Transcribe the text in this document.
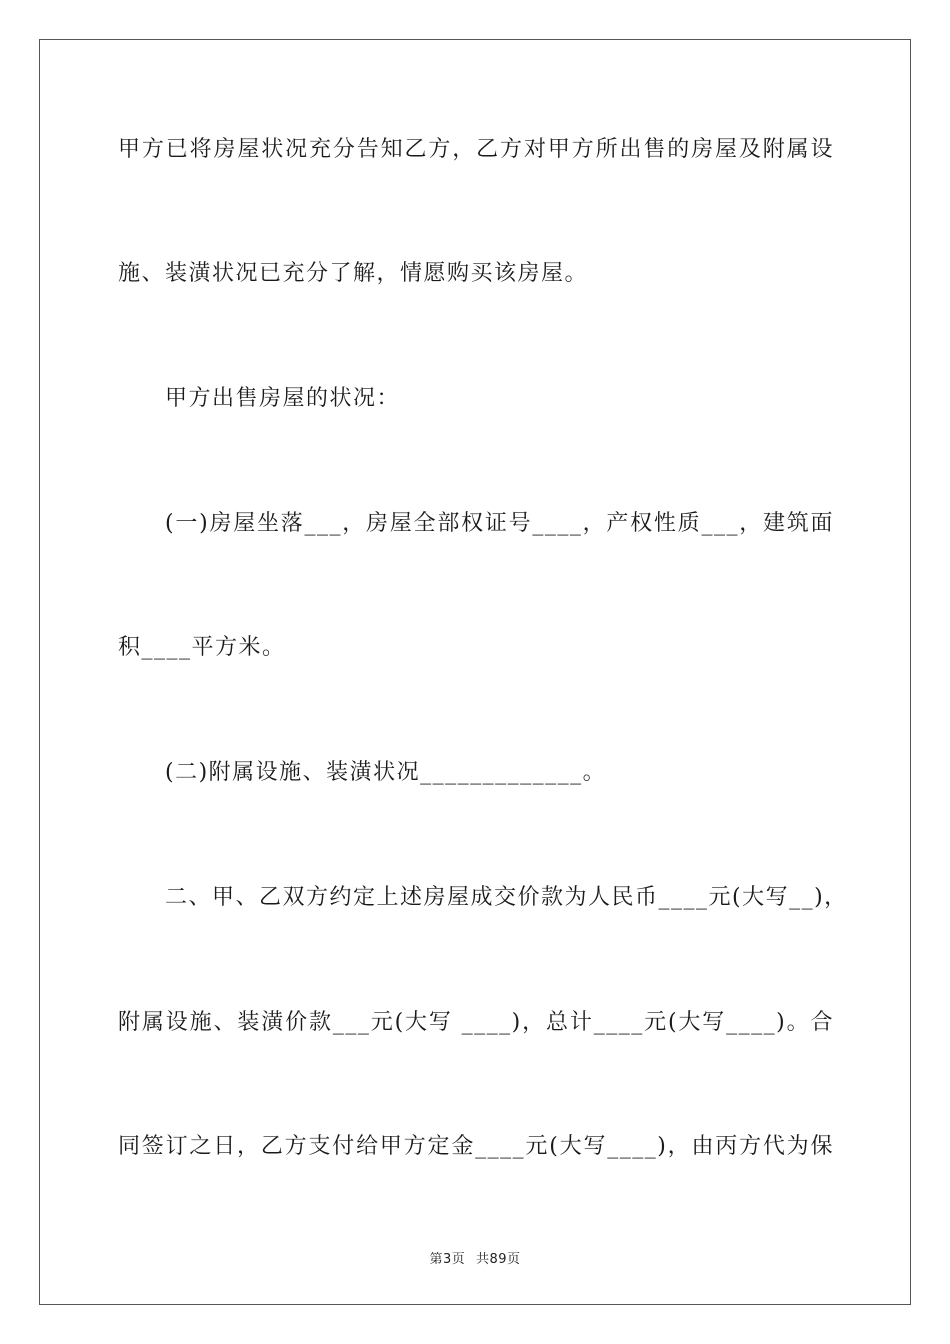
甲方已将房屋状况充分告知乙方，乙方对甲方所出售的房屋及附属设
施、装潢状况已充分了解，情愿购买该房屋。
甲方出售房屋的状况：
(一)房屋坐落___，房屋全部权证号____，产权性质___，建筑面
积____平方米。
(二)附属设施、装潢状况_____________。
二、甲、乙双方约定上述房屋成交价款为人民币____元(大写__)，
附属设施、装潢价款___元(大写 ____)，总计____元(大写____)。合
同签订之日，乙方支付给甲方定金____元(大写____)，由丙方代为保
第3页 共89页
